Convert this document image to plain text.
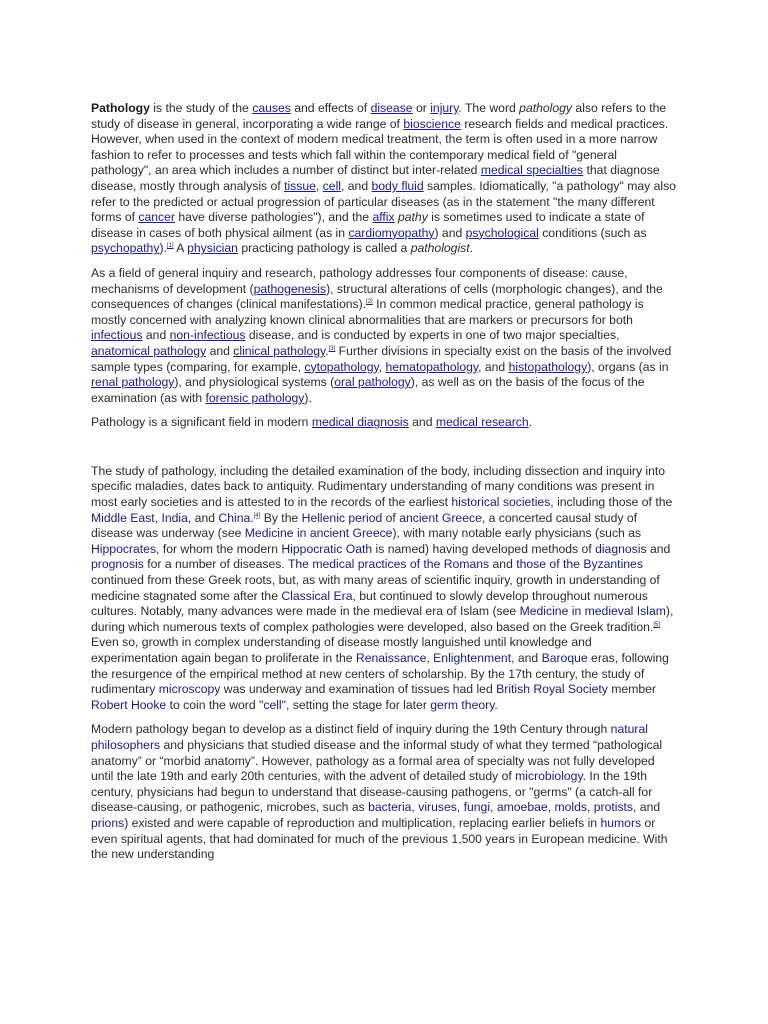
Pathology is the study of the causes and effects of disease or injury. The word pathology also refers to the study of disease in general, incorporating a wide range of bioscience research fields and medical practices. However, when used in the context of modern medical treatment, the term is often used in a more narrow fashion to refer to processes and tests which fall within the contemporary medical field of "general pathology", an area which includes a number of distinct but inter-related medical specialties that diagnose disease, mostly through analysis of tissue, cell, and body fluid samples. Idiomatically, "a pathology" may also refer to the predicted or actual progression of particular diseases (as in the statement "the many different forms of cancer have diverse pathologies"), and the affix pathy is sometimes used to indicate a state of disease in cases of both physical ailment (as in cardiomyopathy) and psychological conditions (such as psychopathy).[1] A physician practicing pathology is called a pathologist.

As a field of general inquiry and research, pathology addresses four components of disease: cause, mechanisms of development (pathogenesis), structural alterations of cells (morphologic changes), and the consequences of changes (clinical manifestations).[2] In common medical practice, general pathology is mostly concerned with analyzing known clinical abnormalities that are markers or precursors for both infectious and non-infectious disease, and is conducted by experts in one of two major specialties, anatomical pathology and clinical pathology.[3] Further divisions in specialty exist on the basis of the involved sample types (comparing, for example, cytopathology, hematopathology, and histopathology), organs (as in renal pathology), and physiological systems (oral pathology), as well as on the basis of the focus of the examination (as with forensic pathology).

Pathology is a significant field in modern medical diagnosis and medical research.

The study of pathology, including the detailed examination of the body, including dissection and inquiry into specific maladies, dates back to antiquity. Rudimentary understanding of many conditions was present in most early societies and is attested to in the records of the earliest historical societies, including those of the Middle East, India, and China.[4] By the Hellenic period of ancient Greece, a concerted causal study of disease was underway (see Medicine in ancient Greece), with many notable early physicians (such as Hippocrates, for whom the modern Hippocratic Oath is named) having developed methods of diagnosis and prognosis for a number of diseases. The medical practices of the Romans and those of the Byzantines continued from these Greek roots, but, as with many areas of scientific inquiry, growth in understanding of medicine stagnated some after the Classical Era, but continued to slowly develop throughout numerous cultures. Notably, many advances were made in the medieval era of Islam (see Medicine in medieval Islam), during which numerous texts of complex pathologies were developed, also based on the Greek tradition.[5] Even so, growth in complex understanding of disease mostly languished until knowledge and experimentation again began to proliferate in the Renaissance, Enlightenment, and Baroque eras, following the resurgence of the empirical method at new centers of scholarship. By the 17th century, the study of rudimentary microscopy was underway and examination of tissues had led British Royal Society member Robert Hooke to coin the word "cell", setting the stage for later germ theory.

Modern pathology began to develop as a distinct field of inquiry during the 19th Century through natural philosophers and physicians that studied disease and the informal study of what they termed “pathological anatomy” or “morbid anatomy”. However, pathology as a formal area of specialty was not fully developed until the late 19th and early 20th centuries, with the advent of detailed study of microbiology. In the 19th century, physicians had begun to understand that disease-causing pathogens, or "germs" (a catch-all for disease-causing, or pathogenic, microbes, such as bacteria, viruses, fungi, amoebae, molds, protists, and prions) existed and were capable of reproduction and multiplication, replacing earlier beliefs in humors or even spiritual agents, that had dominated for much of the previous 1,500 years in European medicine. With the new understanding
